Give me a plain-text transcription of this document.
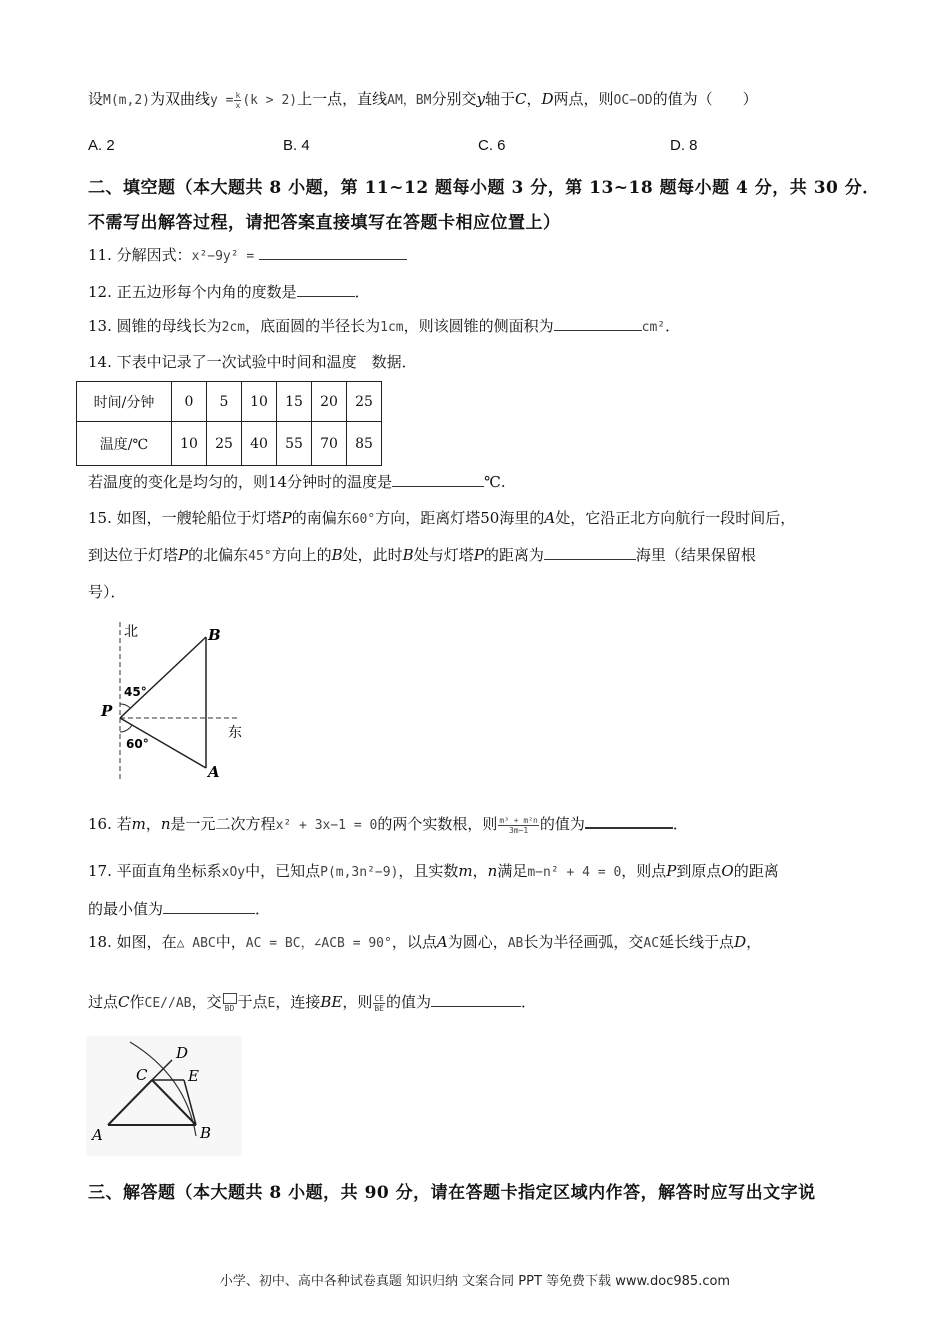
设M(m,2)为双曲线$y = \frac{k}{x} (k > 2)$上一点，直线AM，BM分别交y轴于C，D两点，则OC−OD的值为（　　）
A. 2	B. 4	C. 6	D. 8
二、填空题（本大题共 8 小题，第 11~12 题每小题 3 分，第 13~18 题每小题 4 分，共 30 分．
不需写出解答过程，请把答案直接填写在答题卡相应位置上）
11. 分解因式：x²−9y² =
12. 正五边形每个内角的度数是	．
13. 圆锥的母线长为2cm，底面圆的半径长为1cm，则该圆锥的侧面积为	cm²．
14. 下表中记录了一次试验中时间和温度　数据．
时间/分钟	0	5	10	15	20	25
温度/℃	10	25	40	55	70	85
若温度的变化是均匀的，则14分钟时的温度是	℃.
15. 如图，一艘轮船位于灯塔P的南偏东60°方向，距离灯塔50海里的A处，它沿正北方向航行一段时间后，
到达位于灯塔P的北偏东45°方向上的B处，此时B处与灯塔P的距离为	海里（结果保留根
号）．
北
东
45°
60°
P
B
A
16. 若m，n是一元二次方程x² + 3x−1 = 0的两个实数根，则 $\frac{\text{m³ + m²n}}{3m-1}$ 的值为	．
17. 平面直角坐标系xOy中，已知点P(m,3n²−9)，且实数m，n满足m−n² + 4 = 0，则点P到原点O的距离
的最小值为	．
18. 如图，在△ ABC中，AC = BC，∠ACB = 90°，以点A为圆心，AB长为半径画弧，交AC延长线于点D，
过点C作CE//AB，交 BD 于点E，连接BE，则 $\frac{CE}{BE}$ 的值为	．
A	B
C
D
E
三、解答题（本大题共 8 小题，共 90 分，请在答题卡指定区域内作答，解答时应写出文字说
小学、初中、高中各种试卷真题 知识归纳 文案合同 PPT 等免费下载 www.doc985.com
